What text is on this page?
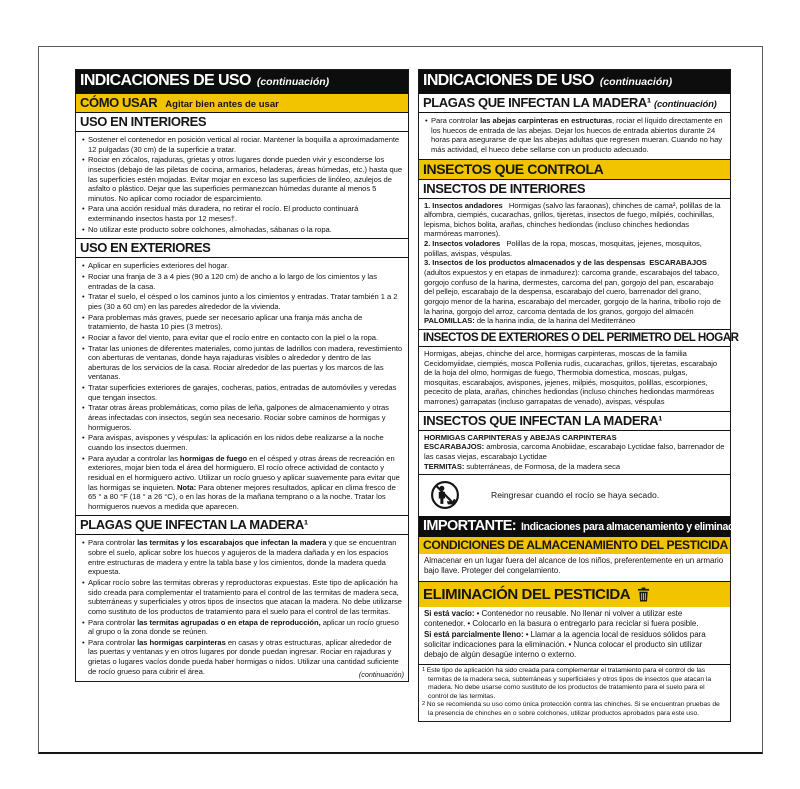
INDICACIONES DE USO (continuación)
CÓMO USAR Agitar bien antes de usar
USO EN INTERIORES
• Sostener el contenedor en posición vertical al rociar. Mantener la boquilla a aproximadamente 12 pulgadas (30 cm) de la superficie a tratar.
• Rociar en zócalos, rajaduras, grietas y otros lugares donde pueden vivir y esconderse los insectos (debajo de las piletas de cocina, armarios, heladeras, áreas húmedas, etc.) hasta que las superficies estén mojadas. Evitar mojar en exceso las superficies de linóleo, azulejos de asfalto o plástico. Dejar que las superficies permanezcan húmedas durante al menos 5 minutos. No aplicar como rociador de esparcimiento.
• Para una acción residual más duradera, no retirar el rocío. El producto continuará exterminando insectos hasta por 12 meses†.
• No utilizar este producto sobre colchones, almohadas, sábanas o la ropa.
USO EN EXTERIORES
• Aplicar en superficies exteriores del hogar.
• Rociar una franja de 3 a 4 pies (90 a 120 cm) de ancho a lo largo de los cimientos y las entradas de la casa.
• Tratar el suelo, el césped o los caminos junto a los cimientos y entradas. Tratar también 1 a 2 pies (30 a 60 cm) en las paredes alrededor de la vivienda.
• Para problemas más graves, puede ser necesario aplicar una franja más ancha de tratamiento, de hasta 10 pies (3 metros).
• Rociar a favor del viento, para evitar que el rocío entre en contacto con la piel o la ropa.
• Tratar las uniones de diferentes materiales, como juntas de ladrillos con madera, revestimiento con aberturas de ventanas, donde haya rajaduras visibles o alrededor y dentro de las aberturas de los servicios de la casa. Rociar alrededor de las puertas y los marcos de las ventanas.
• Tratar superficies exteriores de garajes, cocheras, patios, entradas de automóviles y veredas que tengan insectos.
• Tratar otras áreas problemáticas, como pilas de leña, galpones de almacenamiento y otras áreas infectadas con insectos, según sea necesario. Rociar sobre caminos de hormigas y hormigueros.
• Para avispas, avispones y véspulas: la aplicación en los nidos debe realizarse a la noche cuando los insectos duermen.
• Para ayudar a controlar las hormigas de fuego en el césped y otras áreas de recreación en exteriores, mojar bien toda el área del hormiguero. El rocío ofrece actividad de contacto y residual en el hormiguero activo. Utilizar un rocío grueso y aplicar suavemente para evitar que las hormigas se inquieten. Nota: Para obtener mejores resultados, aplicar en clima fresco de 65 ° a 80 °F (18 ° a 26 °C), o en las horas de la mañana temprano o a la noche. Tratar los hormigueros nuevos a medida que aparecen.
PLAGAS QUE INFECTAN LA MADERA¹
• Para controlar las termitas y los escarabajos que infectan la madera y que se encuentran sobre el suelo, aplicar sobre los huecos y agujeros de la madera dañada y en los espacios entre estructuras de madera y entre la tabla base y los cimientos, donde la madera queda expuesta.
• Aplicar rocío sobre las termitas obreras y reproductoras expuestas. Este tipo de aplicación ha sido creada para complementar el tratamiento para el control de las termitas de madera seca, subterráneas y superficiales y otros tipos de insectos que atacan la madera. No debe utilizarse como sustituto de los productos de tratamiento para el suelo para el control de las termitas.
• Para controlar las termitas agrupadas o en etapa de reproducción, aplicar un rocío grueso al grupo o la zona donde se reúnen.
• Para controlar las hormigas carpinteras en casas y otras estructuras, aplicar alrededor de las puertas y ventanas y en otros lugares por donde puedan ingresar. Rociar en rajaduras y grietas o lugares vacíos donde pueda haber hormigas o nidos. Utilizar una cantidad suficiente de rocío grueso para cubrir el área.	(continuación)
INDICACIONES DE USO (continuación)
PLAGAS QUE INFECTAN LA MADERA¹ (continuación)
• Para controlar las abejas carpinteras en estructuras, rociar el líquido directamente en los huecos de entrada de las abejas. Dejar los huecos de entrada abiertos durante 24 horas para asegurarse de que las abejas adultas que regresen mueran. Cuando no hay más actividad, el hueco debe sellarse con un producto adecuado.
INSECTOS QUE CONTROLA
INSECTOS DE INTERIORES

1. Insectos andadores   Hormigas (salvo las faraonas), chinches de cama², polillas de la alfombra, ciempiés, cucarachas, grillos, tijeretas, insectos de fuego, milpiés, cochinillas, lepisma, bichos bolita, arañas, chinches hediondas (incluso chinches hediondas marmóreas marrones).

2. Insectos voladores   Polillas de la ropa, moscas, mosquitas, jejenes, mosquitos, polillas, avispas, véspulas.

3. Insectos de los productos almacenados y de las despensas  ESCARABAJOS (adultos expuestos y en etapas de inmadurez): carcoma grande, escarabajos del tabaco, gorgojo confuso de la harina, dermestes, carcoma del pan, gorgojo del pan, escarabajo del pellejo, escarabajo de la despensa, escarabajo del cuero, barrenador del grano, gorgojo menor de la harina, escarabajo del mercader, gorgojo de la harina, tribolio rojo de la harina, gorgojo del arroz, carcoma dentada de los granos, gorgojo del almacén

PALOMILLAS: de la harina india, de la harina del Mediterráneo

INSECTOS DE EXTERIORES O DEL PERIMETRO DEL HOGAR

Hormigas, abejas, chinche del arce, hormigas carpinteras, moscas de la familia Cecidomyiidae, ciempiés, mosca Pollenia rudis, cucarachas, grillos, tijeretas, escarabajo de la hoja del olmo, hormigas de fuego, Thermobia domestica, moscas, pulgas, mosquitas, escarabajos, avispones, jejenes, milpiés, mosquitos, polillas, escorpiones, pececito de plata, arañas, chinches hediondas (incluso chinches hediondas marmóreas marrones) garrapatas (incluso garrapatas de venado), avispas, véspulas

INSECTOS QUE INFECTAN LA MADERA¹

HORMIGAS CARPINTERAS y ABEJAS CARPINTERAS

ESCARABAJOS: ambrosia, carcoma Anobiidae, escarabajo Lyctidae falso, barrenador de las casas viejas, escarabajo Lyctidae

TERMITAS: subterráneas, de Formosa, de la madera seca

Reingresar cuando el rocío se haya secado.
IMPORTANTE: Indicaciones para almacenamiento y eliminación
CONDICIONES DE ALMACENAMIENTO DEL PESTICIDA

Almacenar en un lugar fuera del alcance de los niños, preferentemente en un armario bajo llave. Proteger del congelamiento.

ELIMINACIÓN DEL PESTICIDA

Si está vacío: • Contenedor no reusable. No llenar ni volver a utilizar este contenedor. • Colocarlo en la basura o entregarlo para reciclar si fuera posible.

Si está parcialmente lleno: • Llamar a la agencia local de residuos sólidos para solicitar indicaciones para la eliminación. • Nunca colocar el producto sin utilizar debajo de algún desagüe interno o externo.

1 Este tipo de aplicación ha sido creada para complementar el tratamiento para el control de las termitas de la madera seca, subterráneas y superficiales y otros tipos de insectos que atacan la madera. No debe usarse como sustituto de los productos de tratamiento para el suelo para el control de las termitas.

2 No se recomienda su uso como única protección contra las chinches. Si se encuentran pruebas de la presencia de chinches en o sobre colchones, utilizar productos aprobados para este uso.
